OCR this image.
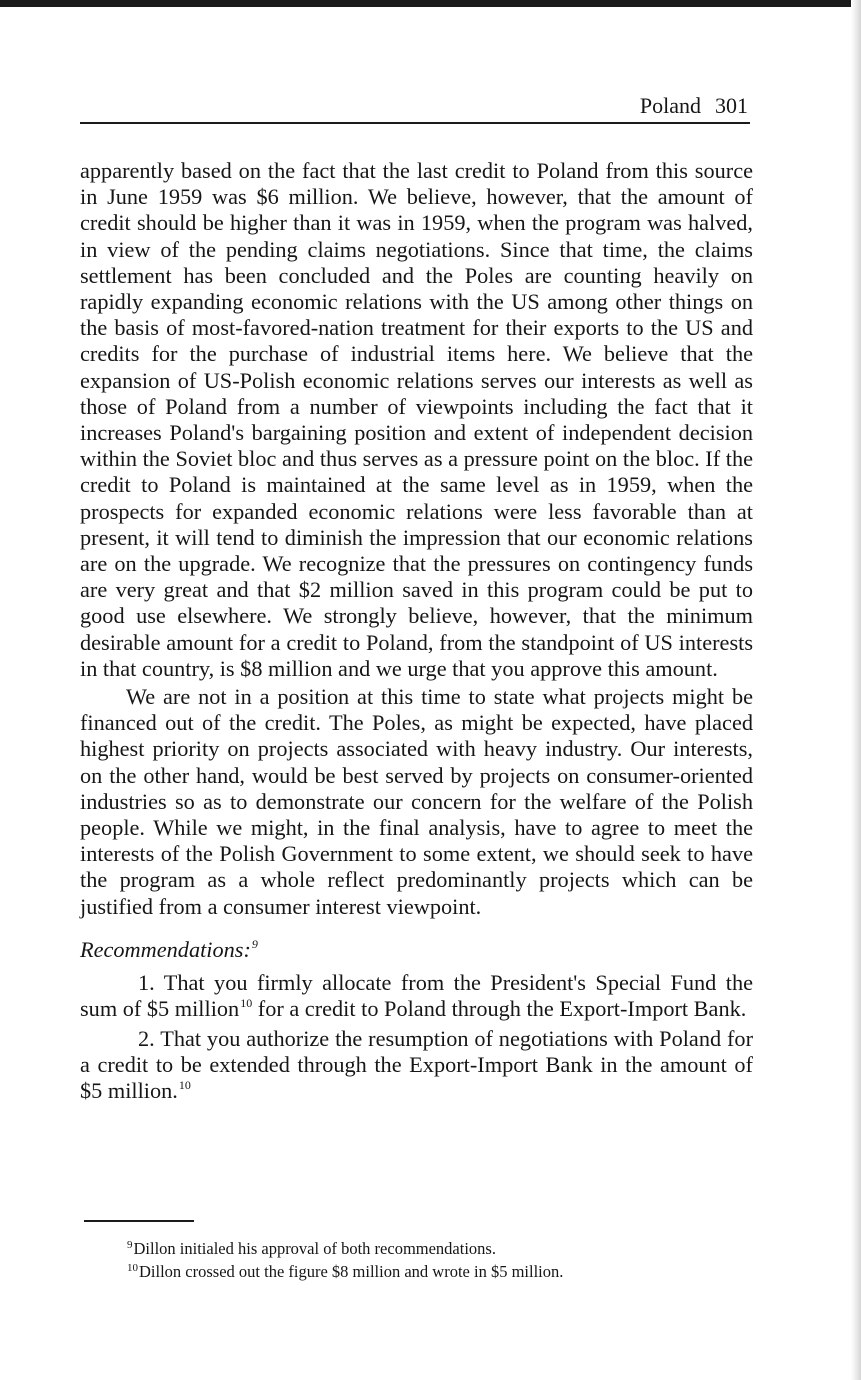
Poland 301

apparently based on the fact that the last credit to Poland from this source in June 1959 was $6 million. We believe, however, that the amount of credit should be higher than it was in 1959, when the program was halved, in view of the pending claims negotiations. Since that time, the claims settlement has been concluded and the Poles are counting heavily on rapidly expanding economic relations with the US among other things on the basis of most-favored-nation treatment for their exports to the US and credits for the purchase of industrial items here. We believe that the expansion of US-Polish economic relations serves our interests as well as those of Poland from a number of viewpoints including the fact that it increases Poland's bargaining position and extent of independent decision within the Soviet bloc and thus serves as a pressure point on the bloc. If the credit to Poland is maintained at the same level as in 1959, when the prospects for expanded economic relations were less favorable than at present, it will tend to diminish the impression that our economic relations are on the upgrade. We recognize that the pressures on contingency funds are very great and that $2 million saved in this program could be put to good use elsewhere. We strongly believe, however, that the minimum desirable amount for a credit to Poland, from the standpoint of US interests in that country, is $8 million and we urge that you approve this amount.

We are not in a position at this time to state what projects might be financed out of the credit. The Poles, as might be expected, have placed highest priority on projects associated with heavy industry. Our interests, on the other hand, would be best served by projects on consumer-oriented industries so as to demonstrate our concern for the welfare of the Polish people. While we might, in the final analysis, have to agree to meet the interests of the Polish Government to some extent, we should seek to have the program as a whole reflect predominantly projects which can be justified from a consumer interest viewpoint.

Recommendations:$^9$

1. That you firmly allocate from the President's Special Fund the sum of $5 million$^{10}$ for a credit to Poland through the Export-Import Bank.

2. That you authorize the resumption of negotiations with Poland for a credit to be extended through the Export-Import Bank in the amount of $5 million.$^{10}$

$^9$Dillon initialed his approval of both recommendations.
$^{10}$Dillon crossed out the figure $8 million and wrote in $5 million.
